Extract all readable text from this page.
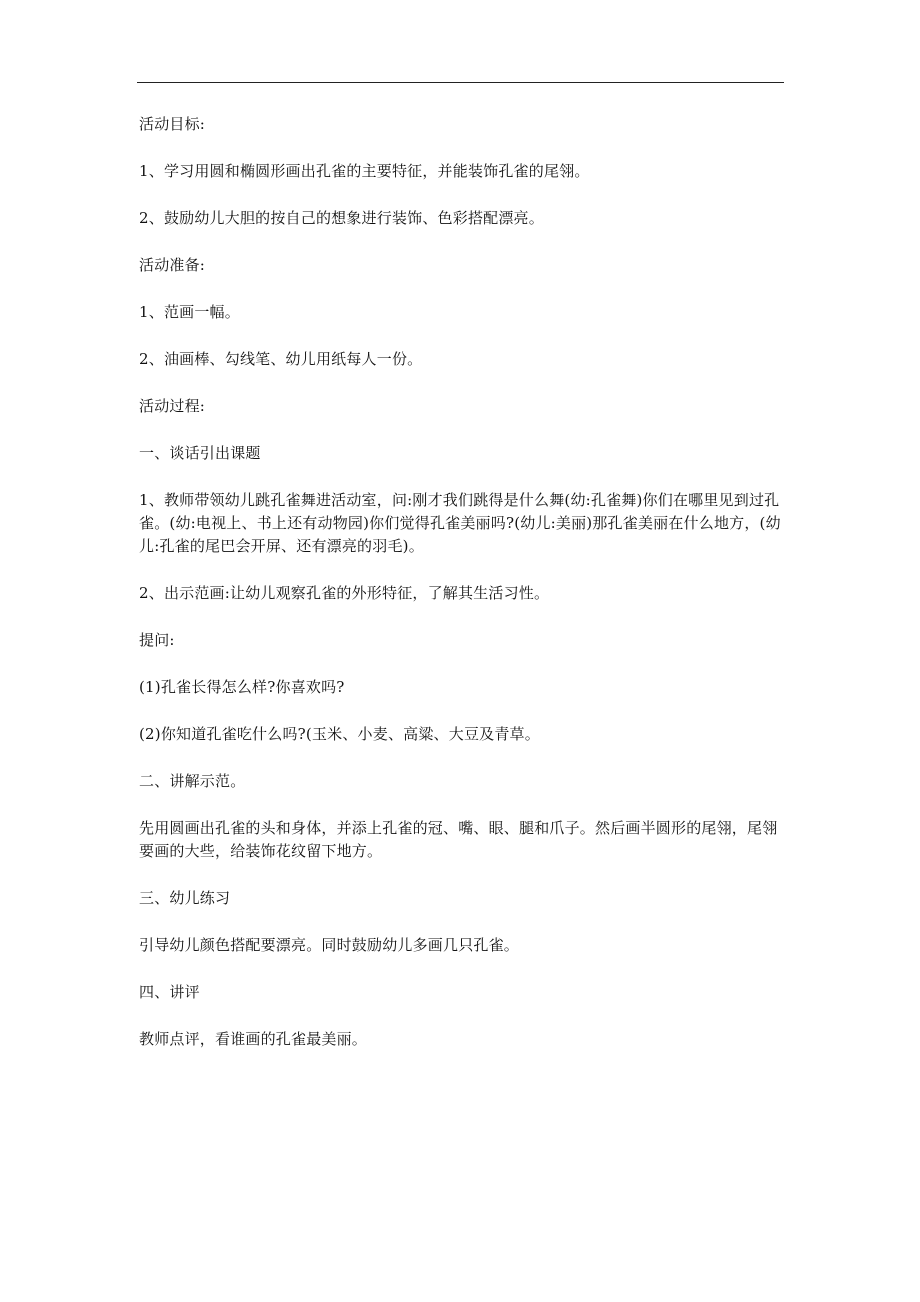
活动目标:

1、学习用圆和椭圆形画出孔雀的主要特征，并能装饰孔雀的尾翎。

2、鼓励幼儿大胆的按自己的想象进行装饰、色彩搭配漂亮。

活动准备:

1、范画一幅。

2、油画棒、勾线笔、幼儿用纸每人一份。

活动过程:

一、谈话引出课题

1、教师带领幼儿跳孔雀舞进活动室，问:刚才我们跳得是什么舞(幼:孔雀舞)你们在哪里见到过孔雀。(幼:电视上、书上还有动物园)你们觉得孔雀美丽吗?(幼儿:美丽)那孔雀美丽在什么地方，(幼儿:孔雀的尾巴会开屏、还有漂亮的羽毛)。

2、出示范画:让幼儿观察孔雀的外形特征，了解其生活习性。

提问:

(1)孔雀长得怎么样?你喜欢吗?

(2)你知道孔雀吃什么吗?(玉米、小麦、高粱、大豆及青草。

二、讲解示范。

先用圆画出孔雀的头和身体，并添上孔雀的冠、嘴、眼、腿和爪子。然后画半圆形的尾翎，尾翎要画的大些，给装饰花纹留下地方。

三、幼儿练习

引导幼儿颜色搭配要漂亮。同时鼓励幼儿多画几只孔雀。

四、讲评

教师点评，看谁画的孔雀最美丽。
